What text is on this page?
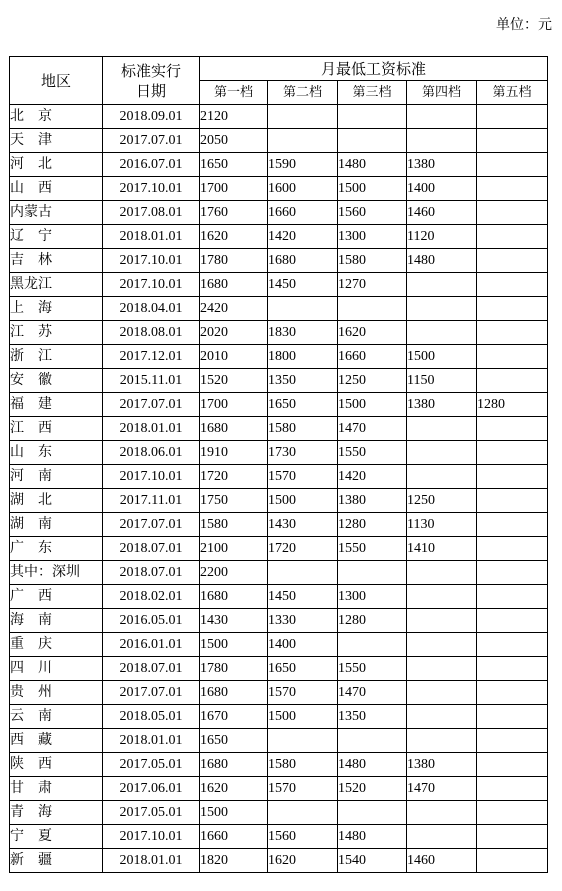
单位：元
地区	标准实行
日期	月最低工资标准				
		第一档	第二档	第三档	第四档	第五档
北　京	2018.09.01	2120				
天　津	2017.07.01	2050				
河　北	2016.07.01	1650	1590	1480	1380	
山　西	2017.10.01	1700	1600	1500	1400	
内蒙古	2017.08.01	1760	1660	1560	1460	
辽　宁	2018.01.01	1620	1420	1300	1120	
吉　林	2017.10.01	1780	1680	1580	1480	
黑龙江	2017.10.01	1680	1450	1270		
上　海	2018.04.01	2420				
江　苏	2018.08.01	2020	1830	1620		
浙　江	2017.12.01	2010	1800	1660	1500	
安　徽	2015.11.01	1520	1350	1250	1150	
福　建	2017.07.01	1700	1650	1500	1380	1280
江　西	2018.01.01	1680	1580	1470		
山　东	2018.06.01	1910	1730	1550		
河　南	2017.10.01	1720	1570	1420		
湖　北	2017.11.01	1750	1500	1380	1250	
湖　南	2017.07.01	1580	1430	1280	1130	
广　东	2018.07.01	2100	1720	1550	1410	
其中：深圳	2018.07.01	2200				
广　西	2018.02.01	1680	1450	1300		
海　南	2016.05.01	1430	1330	1280		
重　庆	2016.01.01	1500	1400			
四　川	2018.07.01	1780	1650	1550		
贵　州	2017.07.01	1680	1570	1470		
云　南	2018.05.01	1670	1500	1350		
西　藏	2018.01.01	1650				
陕　西	2017.05.01	1680	1580	1480	1380	
甘　肃	2017.06.01	1620	1570	1520	1470	
青　海	2017.05.01	1500				
宁　夏	2017.10.01	1660	1560	1480		
新　疆	2018.01.01	1820	1620	1540	1460	
